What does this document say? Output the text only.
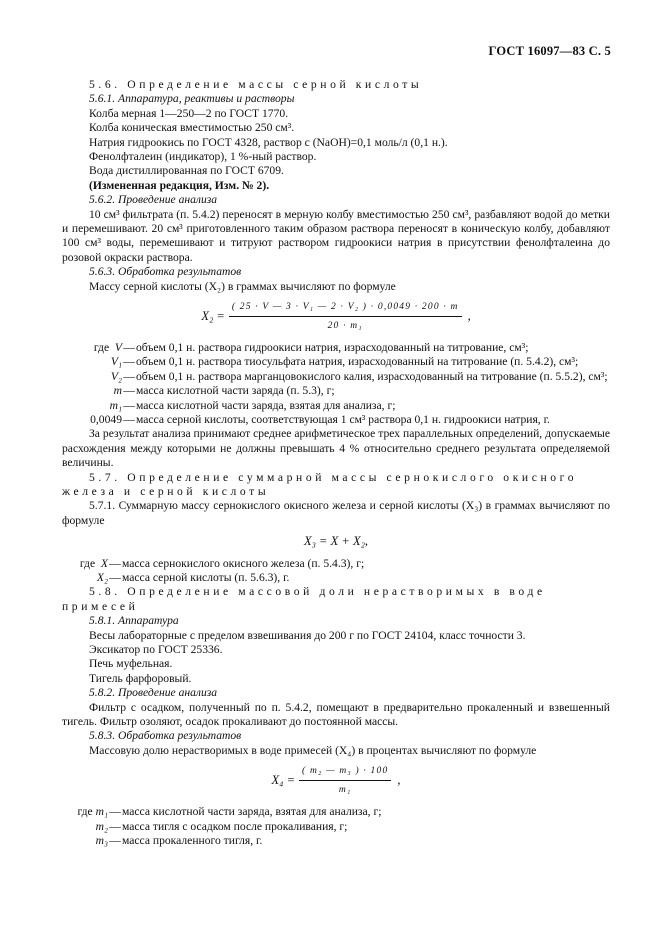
ГОСТ 16097—83 С. 5

5.6. Определение массы серной кислоты

5.6.1. Аппаратура, реактивы и растворы

Колба мерная 1—250—2 по ГОСТ 1770.

Колба коническая вместимостью 250 см³.

Натрия гидроокись по ГОСТ 4328, раствор c (NaOH)=0,1 моль/л (0,1 н.).

Фенолфталеин (индикатор), 1 %-ный раствор.

Вода дистиллированная по ГОСТ 6709.

(Измененная редакция, Изм. № 2).

5.6.2. Проведение анализа

10 см³ фильтрата (п. 5.4.2) переносят в мерную колбу вместимостью 250 см³, разбавляют водой до метки и перемешивают. 20 см³ приготовленного таким образом раствора переносят в коническую колбу, добавляют 100 см³ воды, перемешивают и титруют раствором гидроокиси натрия в присутствии фенолфталеина до розовой окраски раствора.

5.6.3. Обработка результатов

Массу серной кислоты (X₂) в граммах вычисляют по формуле

$X_2 = \frac{\text{( 25 · V — 3 · V₁ — 2 · V₂ ) · 0,0049 · 200 · m}}{\text{20 · m₁}}$ ,
где V — объем 0,1 н. раствора гидроокиси натрия, израсходованный на титрование, см³;
V₁ — объем 0,1 н. раствора тиосульфата натрия, израсходованный на титрование (п. 5.4.2), см³;
V₂ — объем 0,1 н. раствора марганцовокислого калия, израсходованный на титрование (п. 5.5.2), см³;
m — масса кислотной части заряда (п. 5.3), г;
m₁ — масса кислотной части заряда, взятая для анализа, г;
0,0049 — масса серной кислоты, соответствующая 1 см³ раствора 0,1 н. гидроокиси натрия, г.

За результат анализа принимают среднее арифметическое трех параллельных определений, допускаемые расхождения между которыми не должны превышать 4 % относительно среднего результата определяемой величины.

5.7. Определение суммарной массы сернокислого окисного железа и серной кислоты

5.7.1. Суммарную массу сернокислого окисного железа и серной кислоты (X₃) в граммах вычисляют по формуле

X₃ = X + X₂,
где X — масса сернокислого окисного железа (п. 5.4.3), г;
X₂ — масса серной кислоты (п. 5.6.3), г.

5.8. Определение массовой доли нерастворимых в воде примесей

5.8.1. Аппаратура

Весы лабораторные с пределом взвешивания до 200 г по ГОСТ 24104, класс точности 3.

Эксикатор по ГОСТ 25336.

Печь муфельная.

Тигель фарфоровый.

5.8.2. Проведение анализа

Фильтр с осадком, полученный по п. 5.4.2, помещают в предварительно прокаленный и взвешенный тигель. Фильтр озоляют, осадок прокаливают до постоянной массы.

5.8.3. Обработка результатов

Массовую долю нерастворимых в воде примесей (X₄) в процентах вычисляют по формуле

$X_4 = \frac{\text{( m₂ — m₃ ) · 100}}{\text{m₁}}$ ,
где m₁ — масса кислотной части заряда, взятая для анализа, г;
m₂ — масса тигля с осадком после прокаливания, г;
m₃ — масса прокаленного тигля, г.
